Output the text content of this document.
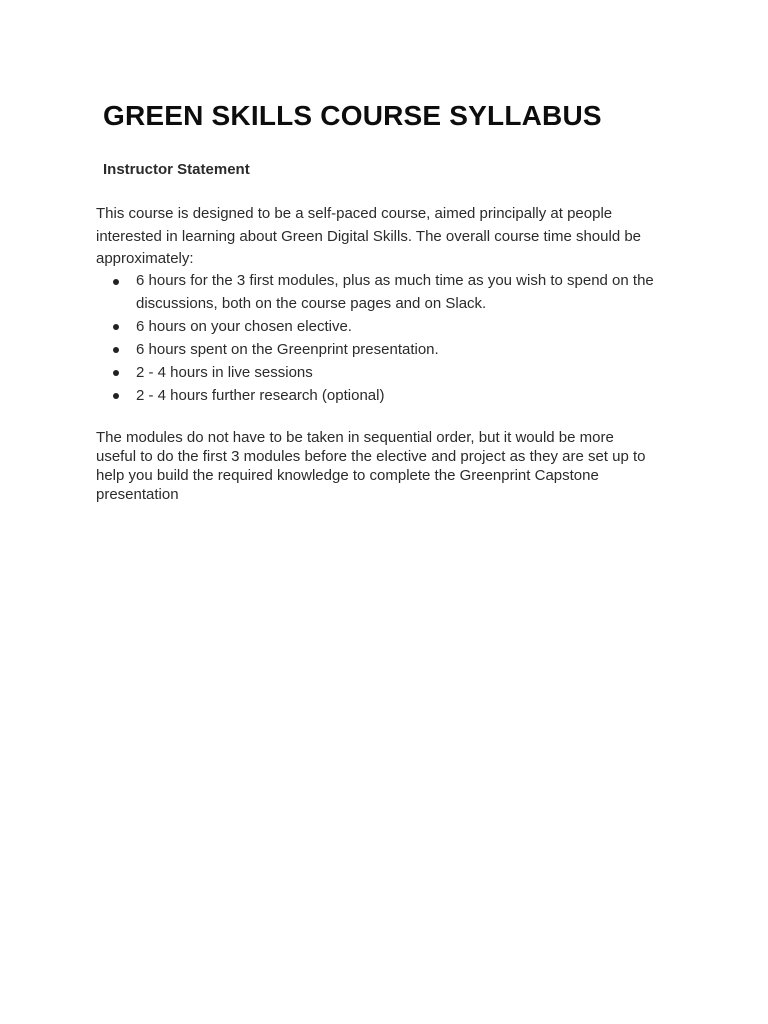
GREEN SKILLS COURSE SYLLABUS
Instructor Statement

This course is designed to be a self-paced course, aimed principally at people interested in learning about Green Digital Skills. The overall course time should be approximately:

6 hours for the 3 first modules, plus as much time as you wish to spend on the discussions, both on the course pages and on Slack.
6 hours on your chosen elective.
6 hours spent on the Greenprint presentation.
2 - 4 hours in live sessions
2 - 4 hours further research (optional)

The modules do not have to be taken in sequential order, but it would be more useful to do the first 3 modules before the elective and project as they are set up to help you build the required knowledge to complete the Greenprint Capstone presentation
